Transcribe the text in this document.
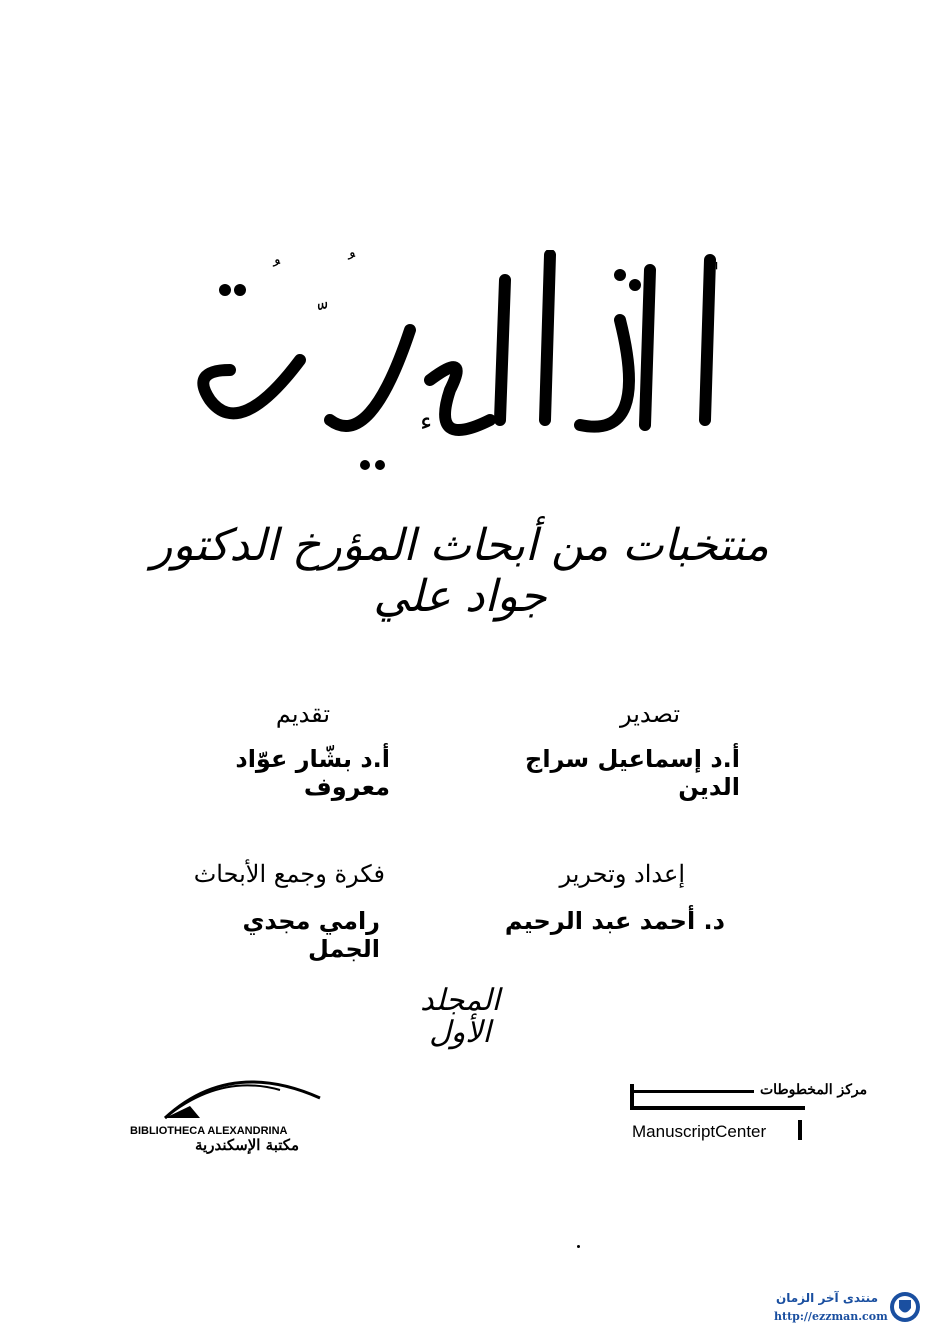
ء
منتخبات من أبحاث المؤرخ الدكتور جواد علي
تصدير
أ.د إسماعيل سراج الدين
تقديم
أ.د بشّار عوّاد معروف
إعداد وتحرير
د. أحمد عبد الرحيم
فكرة وجمع الأبحاث
رامي مجدي الجمل
المجلد
الأول
BIBLIOTHECA ALEXANDRINA
مكتبة الإسكندرية
مركز المخطوطات
ManuscriptCenter
منتدى آخر الزمان
http://ezzman.com
